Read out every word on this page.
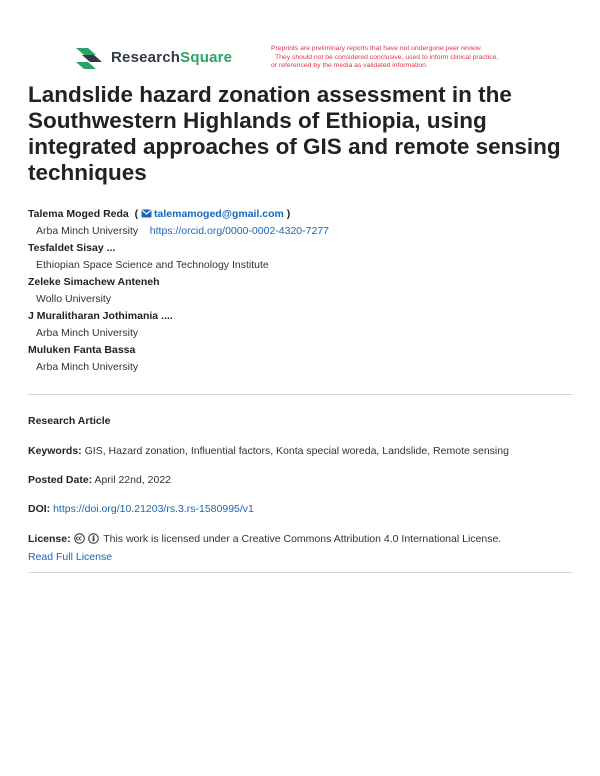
ResearchSquare	Preprints are preliminary reports that have not undergone peer review.
They should not be considered conclusive, used to inform clinical practice,
or referenced by the media as validated information.
Landslide hazard zonation assessment in the Southwestern Highlands of Ethiopia, using integrated approaches of GIS and remote sensing techniques
Talema Moged Reda  ( talemamoged@gmail.com )
Arba Minch University https://orcid.org/0000-0002-4320-7277
Tesfaldet Sisay ...
Ethiopian Space Science and Technology Institute
Zeleke Simachew Anteneh
Wollo University
J Muralitharan Jothimania ....
Arba Minch University
Muluken Fanta Bassa
Arba Minch University
Research Article
Keywords: GIS, Hazard zonation, Influential factors, Konta special woreda, Landslide, Remote sensing
Posted Date: April 22nd, 2022
DOI: https://doi.org/10.21203/rs.3.rs-1580995/v1
License:	This work is licensed under a Creative Commons Attribution 4.0 International License.
Read Full License
